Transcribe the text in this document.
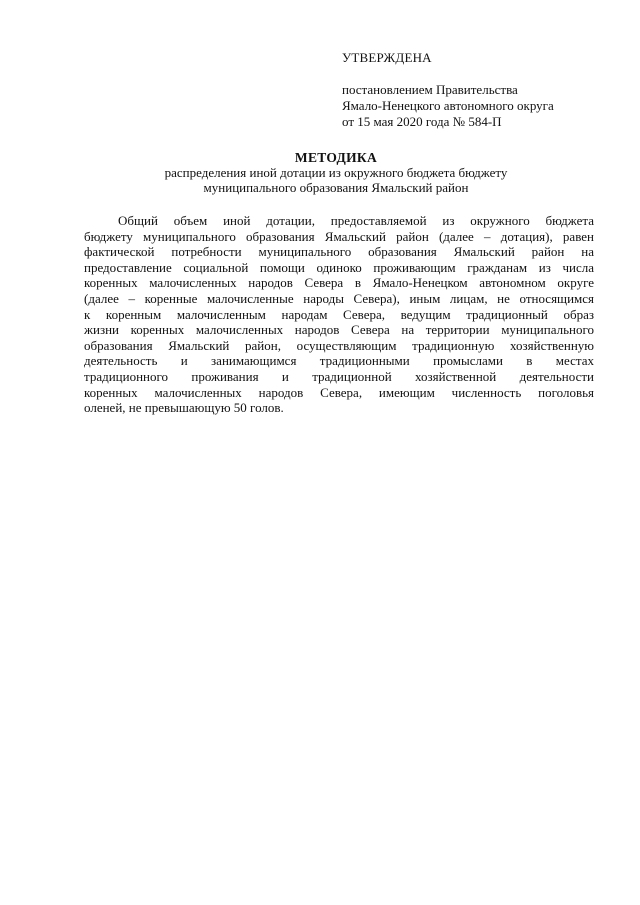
УТВЕРЖДЕНА
постановлением Правительства
Ямало-Ненецкого автономного округа
от 15 мая 2020 года № 584-П
МЕТОДИКА
распределения иной дотации из окружного бюджета бюджету
муниципального образования Ямальский район
Общий объем иной дотации, предоставляемой из окружного бюджета
бюджету муниципального образования Ямальский район (далее – дотация), равен
фактической потребности муниципального образования Ямальский район на
предоставление социальной помощи одиноко проживающим гражданам из числа
коренных малочисленных народов Севера в Ямало-Ненецком автономном округе
(далее – коренные малочисленные народы Севера), иным лицам, не относящимся
к коренным малочисленным народам Севера, ведущим традиционный образ
жизни коренных малочисленных народов Севера на территории муниципального
образования Ямальский район, осуществляющим традиционную хозяйственную
деятельность и занимающимся традиционными промыслами в местах
традиционного проживания и традиционной хозяйственной деятельности
коренных малочисленных народов Севера, имеющим численность поголовья
оленей, не превышающую 50 голов.
